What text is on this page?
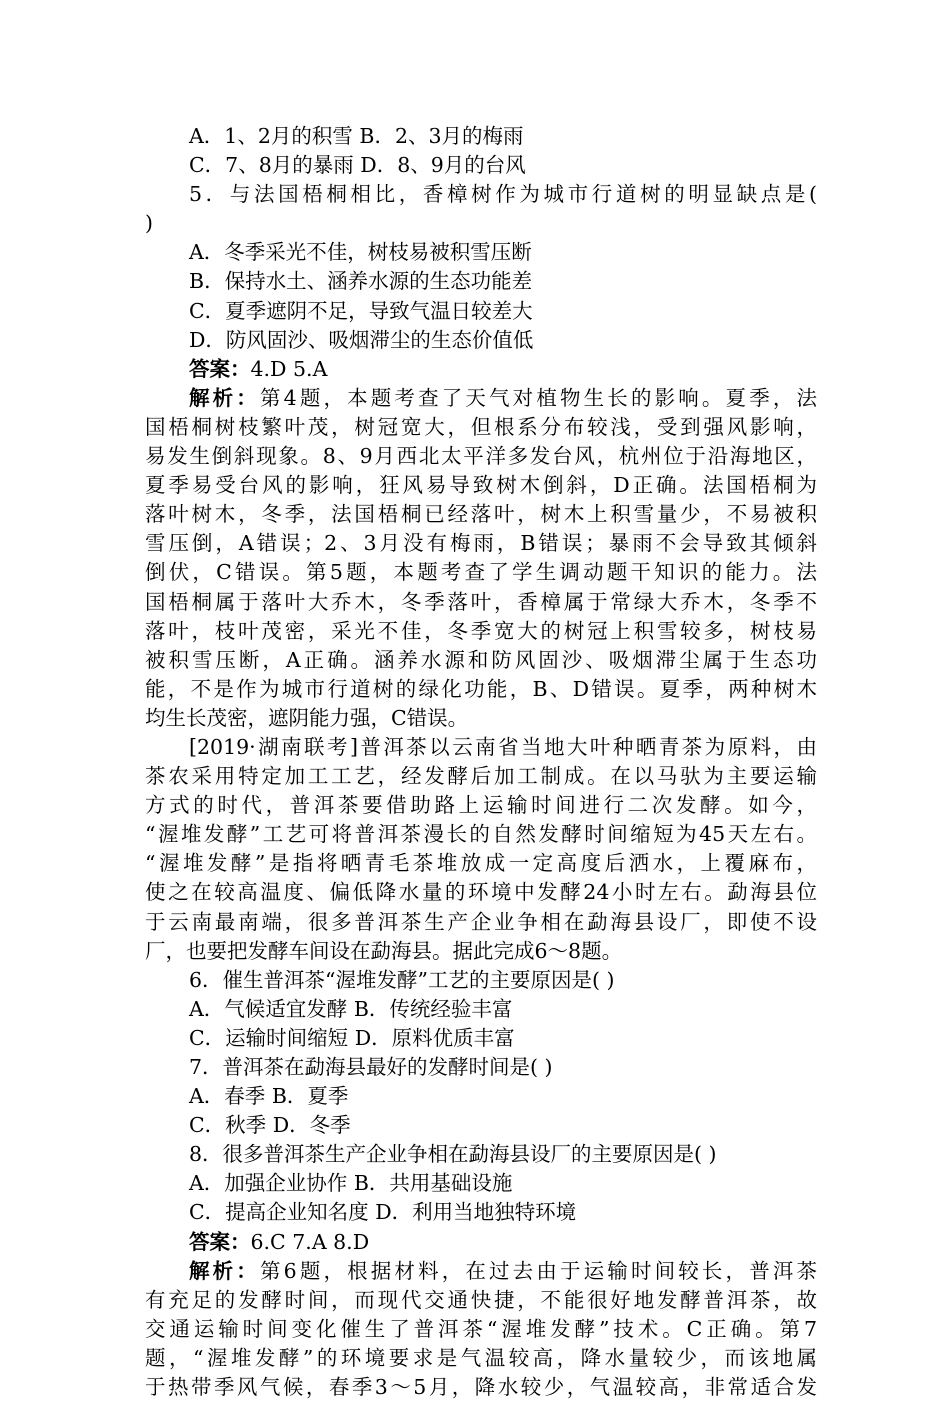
A．1、2月的积雪 B．2、3月的梅雨
C．7、8月的暴雨 D．8、9月的台风
5．与法国梧桐相比，香樟树作为城市行道树的明显缺点是(
)
A．冬季采光不佳，树枝易被积雪压断
B．保持水土、涵养水源的生态功能差
C．夏季遮阴不足，导致气温日较差大
D．防风固沙、吸烟滞尘的生态价值低
答案：4.D 5.A
解析：第4题，本题考查了天气对植物生长的影响。夏季，法
国梧桐树枝繁叶茂，树冠宽大，但根系分布较浅，受到强风影响，
易发生倒斜现象。8、9月西北太平洋多发台风，杭州位于沿海地区，
夏季易受台风的影响，狂风易导致树木倒斜，D正确。法国梧桐为
落叶树木，冬季，法国梧桐已经落叶，树木上积雪量少，不易被积
雪压倒，A错误；2、3月没有梅雨，B错误；暴雨不会导致其倾斜
倒伏，C错误。第5题，本题考查了学生调动题干知识的能力。法
国梧桐属于落叶大乔木，冬季落叶，香樟属于常绿大乔木，冬季不
落叶，枝叶茂密，采光不佳，冬季宽大的树冠上积雪较多，树枝易
被积雪压断，A正确。涵养水源和防风固沙、吸烟滞尘属于生态功
能，不是作为城市行道树的绿化功能，B、D错误。夏季，两种树木
均生长茂密，遮阴能力强，C错误。
[2019·湖南联考]普洱茶以云南省当地大叶种晒青茶为原料，由
茶农采用特定加工工艺，经发酵后加工制成。在以马驮为主要运输
方式的时代，普洱茶要借助路上运输时间进行二次发酵。如今，
“渥堆发酵”工艺可将普洱茶漫长的自然发酵时间缩短为45天左右。
“渥堆发酵”是指将晒青毛茶堆放成一定高度后洒水，上覆麻布，
使之在较高温度、偏低降水量的环境中发酵24小时左右。勐海县位
于云南最南端，很多普洱茶生产企业争相在勐海县设厂，即使不设
厂，也要把发酵车间设在勐海县。据此完成6～8题。
6．催生普洱茶“渥堆发酵”工艺的主要原因是( )
A．气候适宜发酵 B．传统经验丰富
C．运输时间缩短 D．原料优质丰富
7．普洱茶在勐海县最好的发酵时间是( )
A．春季 B．夏季
C．秋季 D．冬季
8．很多普洱茶生产企业争相在勐海县设厂的主要原因是( )
A．加强企业协作 B．共用基础设施
C．提高企业知名度 D．利用当地独特环境
答案：6.C 7.A 8.D
解析：第6题，根据材料，在过去由于运输时间较长，普洱茶
有充足的发酵时间，而现代交通快捷，不能很好地发酵普洱茶，故
交通运输时间变化催生了普洱茶“渥堆发酵”技术。C正确。第7
题，“渥堆发酵”的环境要求是气温较高，降水量较少，而该地属
于热带季风气候，春季3～5月，降水较少，气温较高，非常适合发
